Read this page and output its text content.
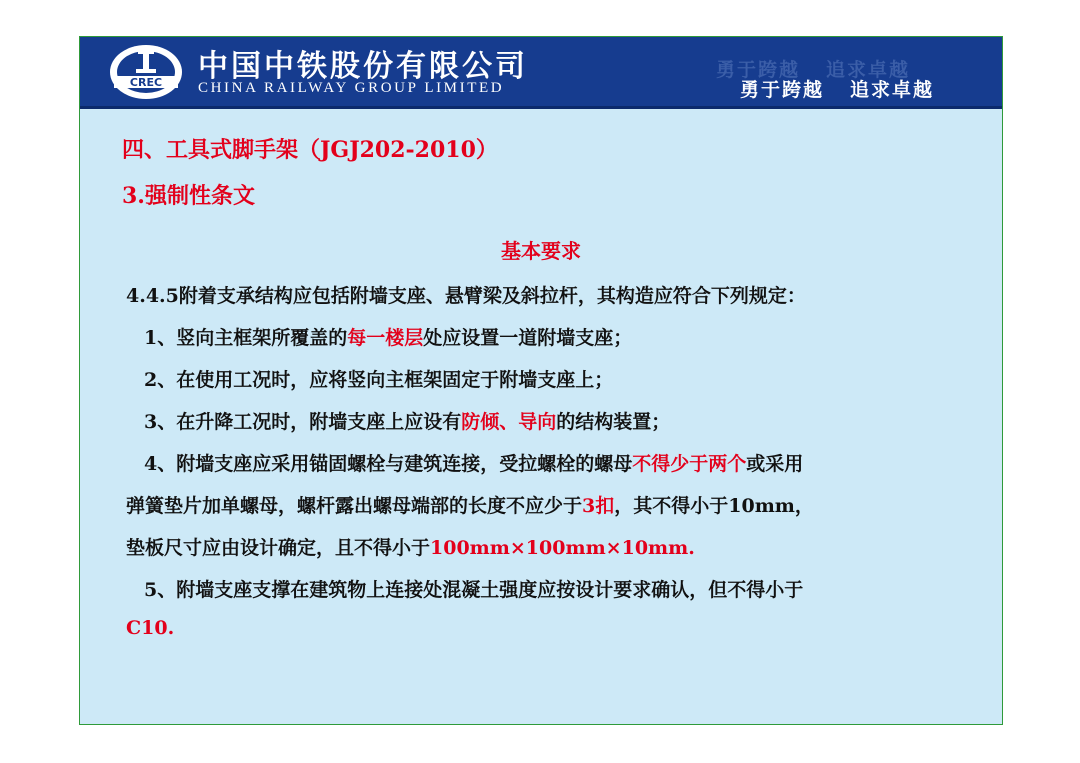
CREC 中国中铁股份有限公司
CHINA RAILWAY GROUP LIMITED
勇于跨越 追求卓越
勇于跨越 追求卓越
四、工具式脚手架（JGJ202-2010）
3.强制性条文
基本要求
4.4.5附着支承结构应包括附墙支座、悬臂梁及斜拉杆，其构造应符合下列规定：
1、竖向主框架所覆盖的每一楼层处应设置一道附墙支座；
2、在使用工况时，应将竖向主框架固定于附墙支座上；
3、在升降工况时，附墙支座上应设有防倾、导向的结构装置；
4、附墙支座应采用锚固螺栓与建筑连接，受拉螺栓的螺母不得少于两个或采用
弹簧垫片加单螺母，螺杆露出螺母端部的长度不应少于3扣，其不得小于10mm，
垫板尺寸应由设计确定，且不得小于100mm×100mm×10mm.
5、附墙支座支撑在建筑物上连接处混凝土强度应按设计要求确认，但不得小于
C10.
